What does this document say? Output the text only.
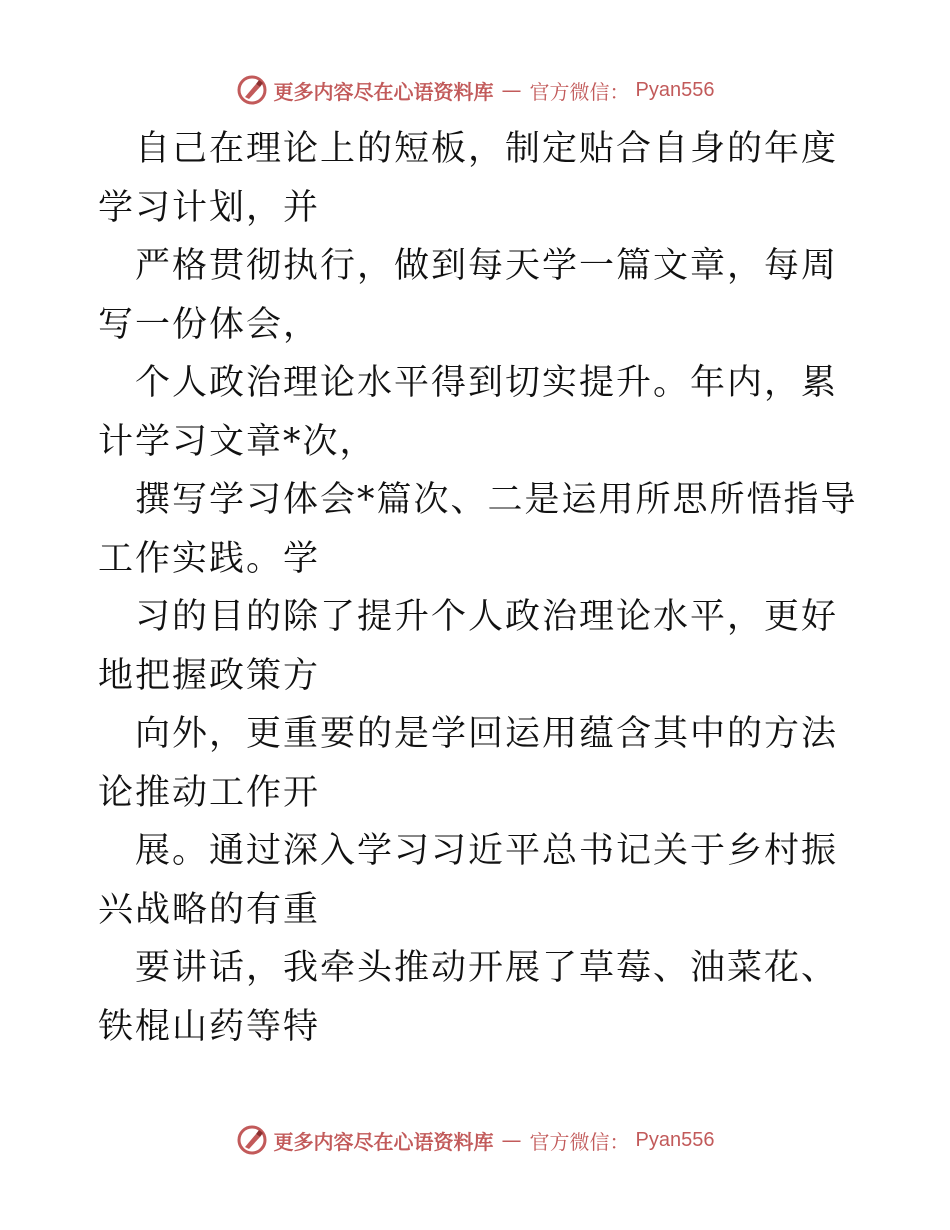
更多内容尽在心语资料库 — 官方微信： Pyan556

自己在理论上的短板，制定贴合自身的年度学习计划，并

严格贯彻执行，做到每天学一篇文章，每周写一份体会，

个人政治理论水平得到切实提升。年内，累计学习文章*次，

撰写学习体会*篇次、二是运用所思所悟指导工作实践。学

习的目的除了提升个人政治理论水平，更好地把握政策方

向外，更重要的是学回运用蕴含其中的方法论推动工作开

展。通过深入学习习近平总书记关于乡村振兴战略的有重

要讲话，我牵头推动开展了草莓、油菜花、铁棍山药等特

更多内容尽在心语资料库 — 官方微信： Pyan556
